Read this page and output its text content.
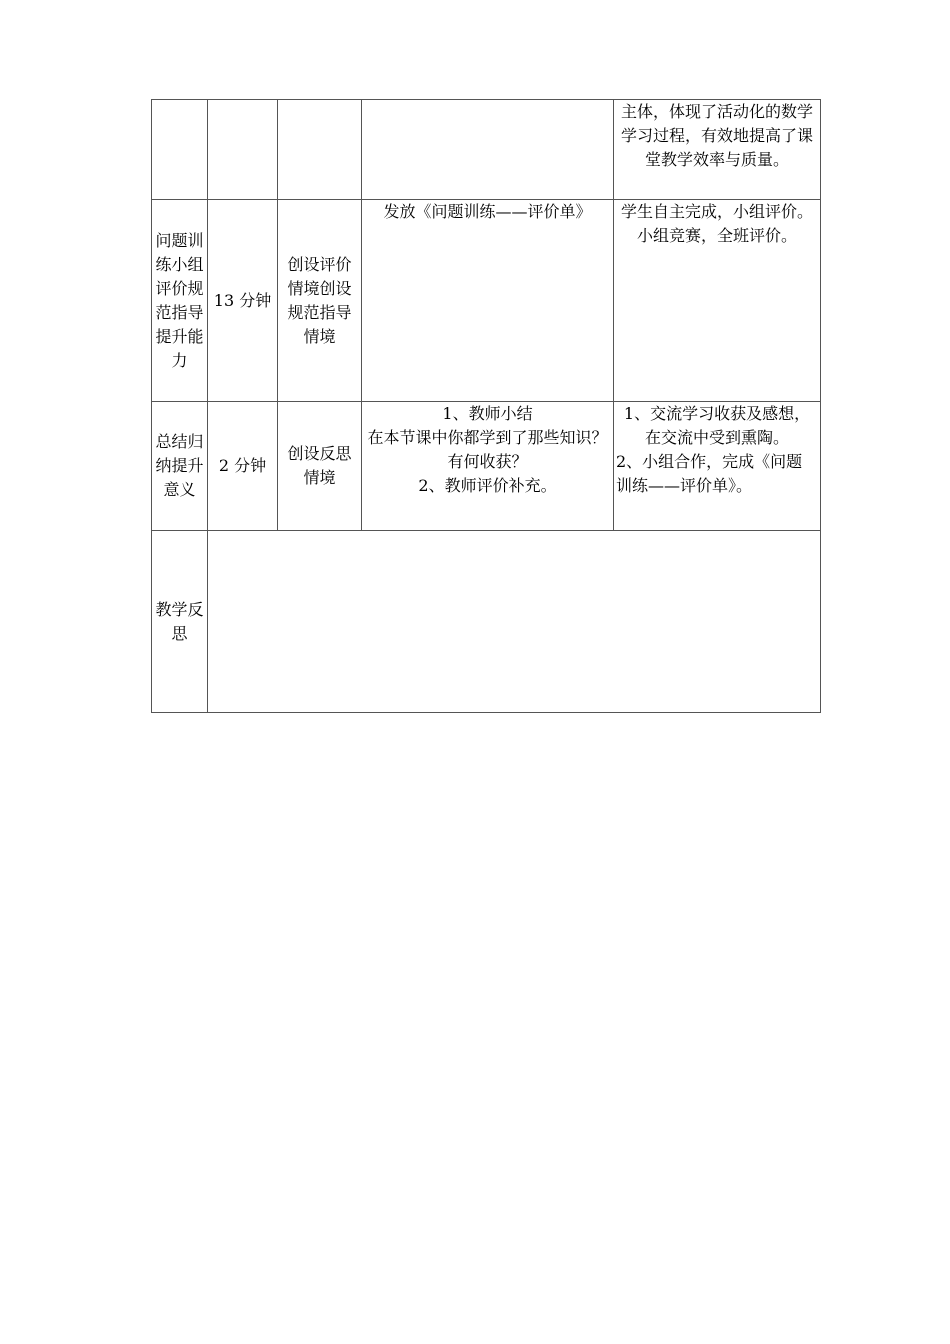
				主体，体现了活动化的数学学习过程，有效地提高了课堂教学效率与质量。

问题训练小组评价规范指导提升能力	13 分钟	创设评价情境创设规范指导情境	发放《问题训练——评价单》	学生自主完成，小组评价。小组竞赛，全班评价。

总结归纳提升意义	2 分钟	创设反思情境	1、教师小结
在本节课中你都学到了那些知识？有何收获？
2、教师评价补充。	1、交流学习收获及感想，在交流中受到熏陶。
2、小组合作，完成《问题训练——评价单》。

教学反思				
